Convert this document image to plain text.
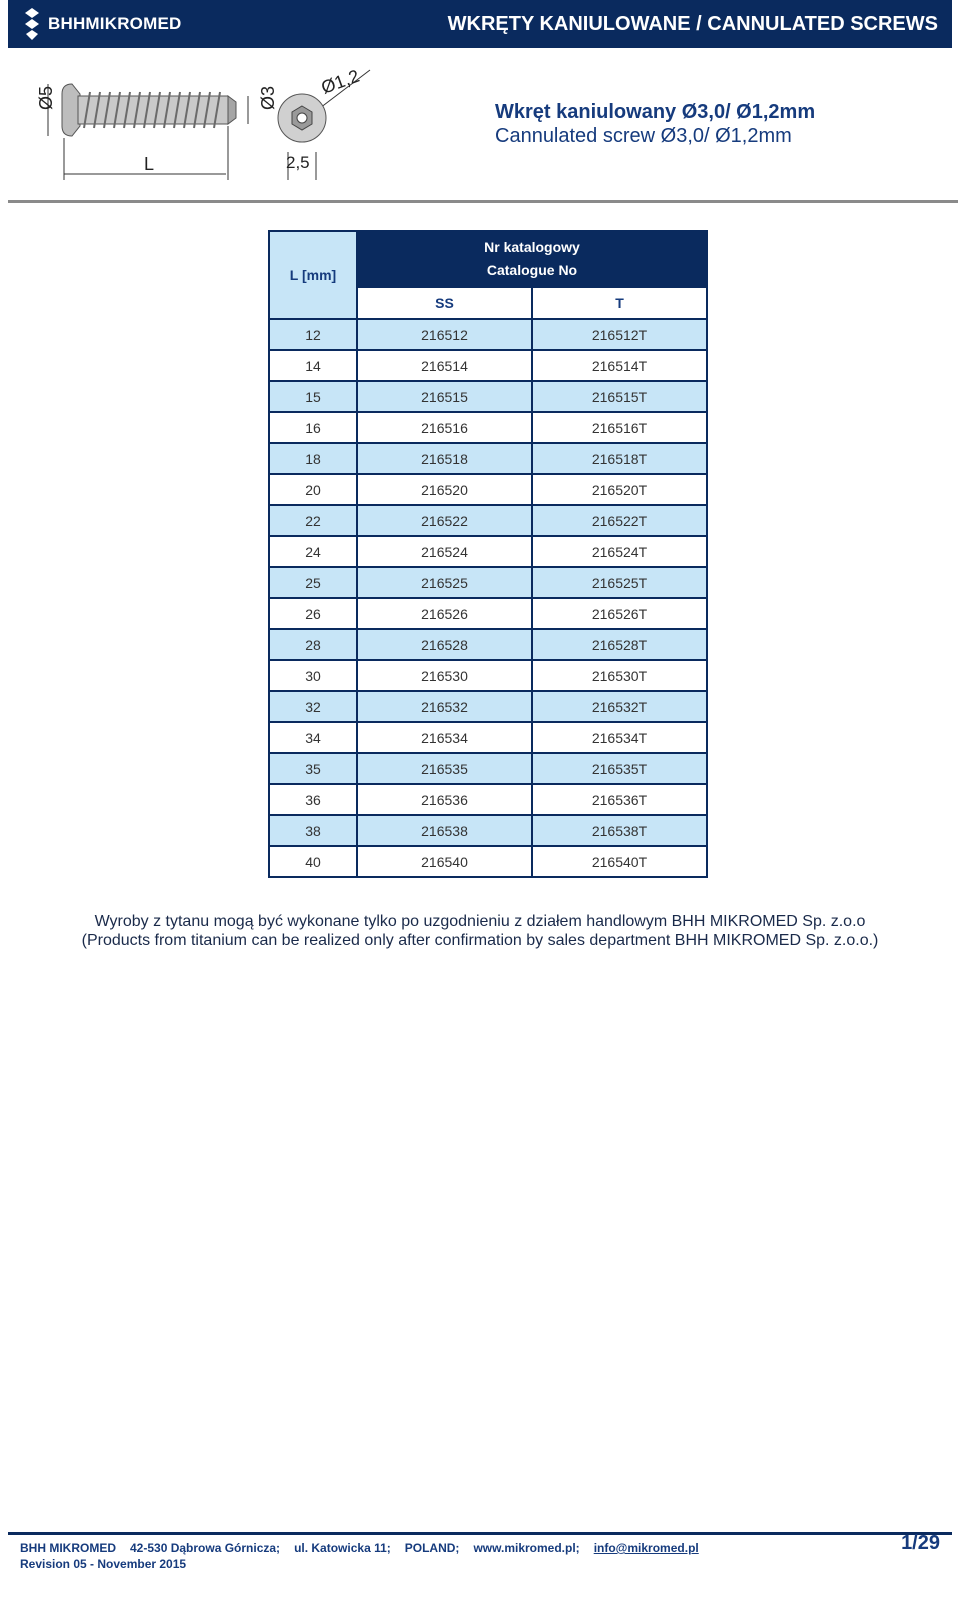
BHHMIKROMED	WKRĘTY KANIULOWANE / CANNULATED SCREWS
Ø5
L
Ø3
Ø1,2
2,5
Wkręt kaniulowany Ø3,0/ Ø1,2mm
Cannulated screw Ø3,0/ Ø1,2mm
L [mm]	Nr katalogowy
Catalogue No	

	SS	T
12	216512	216512T
14	216514	216514T
15	216515	216515T
16	216516	216516T
18	216518	216518T
20	216520	216520T
22	216522	216522T
24	216524	216524T
25	216525	216525T
26	216526	216526T
28	216528	216528T
30	216530	216530T
32	216532	216532T
34	216534	216534T
35	216535	216535T
36	216536	216536T
38	216538	216538T
40	216540	216540T
Wyroby z tytanu mogą być wykonane tylko po uzgodnieniu z działem handlowym BHH MIKROMED Sp. z.o.o
(Products from titanium can be realized only after confirmation by sales department BHH MIKROMED Sp. z.o.o.)
BHH MIKROMED 42-530 Dąbrowa Górnicza; ul. Katowicka 11; POLAND; www.mikromed.pl; info@mikromed.pl	1/29
Revision 05 - November 2015
